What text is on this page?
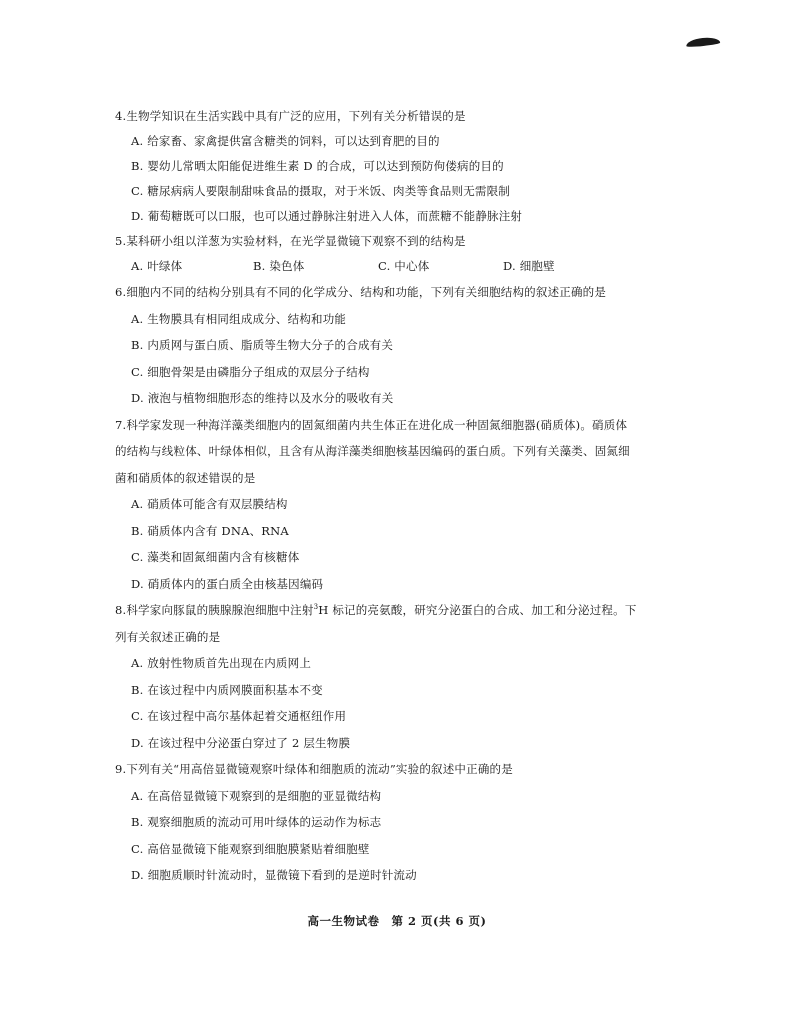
4.生物学知识在生活实践中具有广泛的应用，下列有关分析错误的是

A. 给家畜、家禽提供富含糖类的饲料，可以达到育肥的目的

B. 婴幼儿常晒太阳能促进维生素 D 的合成，可以达到预防佝偻病的目的

C. 糖尿病病人要限制甜味食品的摄取，对于米饭、肉类等食品则无需限制

D. 葡萄糖既可以口服，也可以通过静脉注射进入人体，而蔗糖不能静脉注射

5.某科研小组以洋葱为实验材料，在光学显微镜下观察不到的结构是

A. 叶绿体	B. 染色体	C. 中心体	D. 细胞壁

6.细胞内不同的结构分别具有不同的化学成分、结构和功能，下列有关细胞结构的叙述正确的是

A. 生物膜具有相同组成成分、结构和功能

B. 内质网与蛋白质、脂质等生物大分子的合成有关

C. 细胞骨架是由磷脂分子组成的双层分子结构

D. 液泡与植物细胞形态的维持以及水分的吸收有关

7.科学家发现一种海洋藻类细胞内的固氮细菌内共生体正在进化成一种固氮细胞器(硝质体)。硝质体

的结构与线粒体、叶绿体相似，且含有从海洋藻类细胞核基因编码的蛋白质。下列有关藻类、固氮细

菌和硝质体的叙述错误的是

A. 硝质体可能含有双层膜结构

B. 硝质体内含有 DNA、RNA

C. 藻类和固氮细菌内含有核糖体

D. 硝质体内的蛋白质全由核基因编码

8.科学家向豚鼠的胰腺腺泡细胞中注射$^3$H 标记的亮氨酸，研究分泌蛋白的合成、加工和分泌过程。下

列有关叙述正确的是

A. 放射性物质首先出现在内质网上

B. 在该过程中内质网膜面积基本不变

C. 在该过程中高尔基体起着交通枢纽作用

D. 在该过程中分泌蛋白穿过了 2 层生物膜

9.下列有关“用高倍显微镜观察叶绿体和细胞质的流动”实验的叙述中正确的是

A. 在高倍显微镜下观察到的是细胞的亚显微结构

B. 观察细胞质的流动可用叶绿体的运动作为标志

C. 高倍显微镜下能观察到细胞膜紧贴着细胞壁

D. 细胞质顺时针流动时，显微镜下看到的是逆时针流动

高一生物试卷　第 2 页(共 6 页)
